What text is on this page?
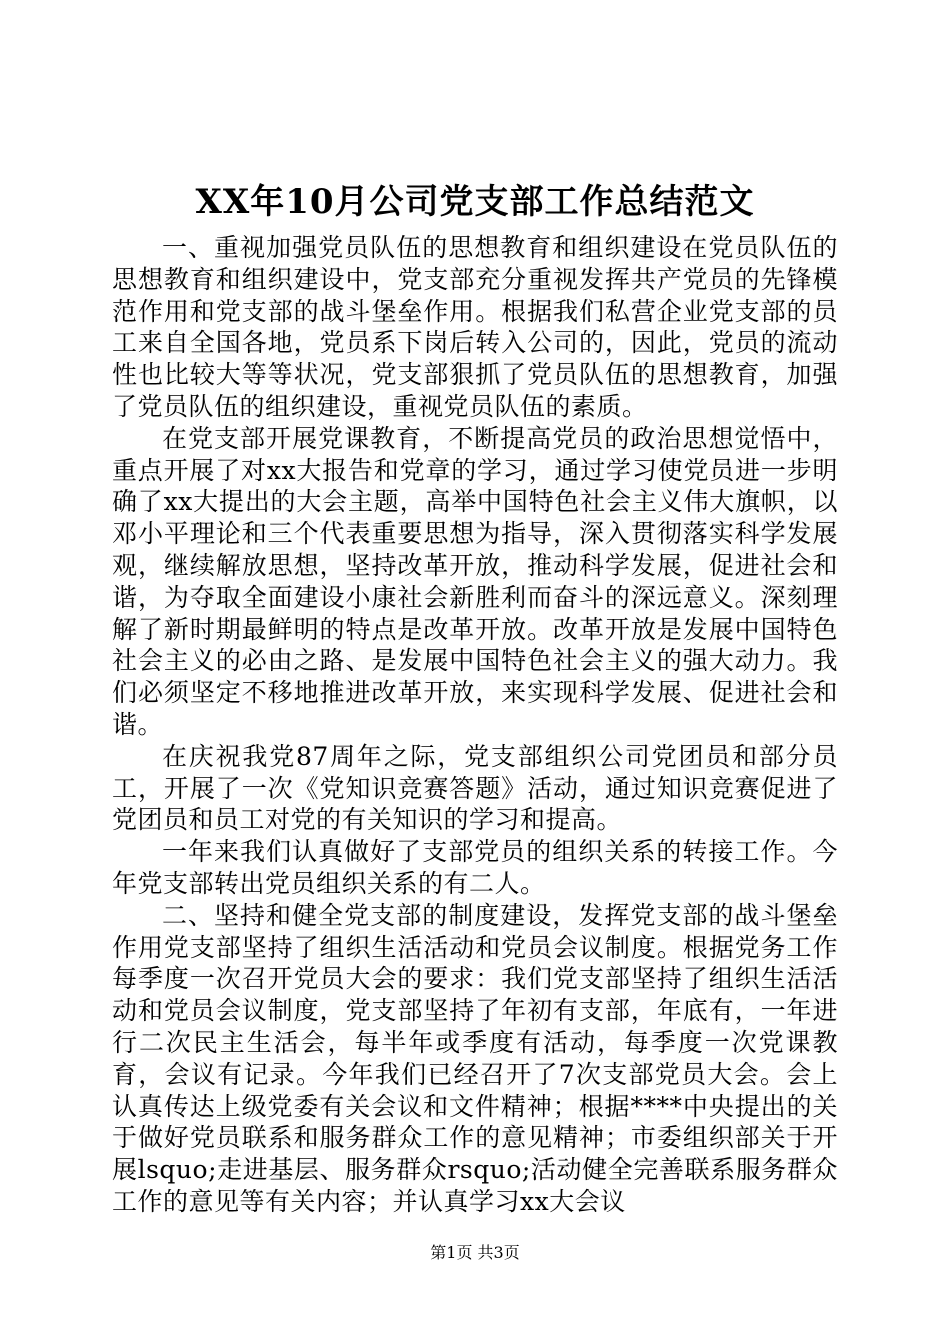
XX年10月公司党支部工作总结范文

一、重视加强党员队伍的思想教育和组织建设在党员队伍的思想教育和组织建设中，党支部充分重视发挥共产党员的先锋模范作用和党支部的战斗堡垒作用。根据我们私营企业党支部的员工来自全国各地，党员系下岗后转入公司的，因此，党员的流动性也比较大等等状况，党支部狠抓了党员队伍的思想教育，加强了党员队伍的组织建设，重视党员队伍的素质。

在党支部开展党课教育，不断提高党员的政治思想觉悟中，重点开展了对xx大报告和党章的学习，通过学习使党员进一步明确了xx大提出的大会主题，高举中国特色社会主义伟大旗帜，以邓小平理论和三个代表重要思想为指导，深入贯彻落实科学发展观，继续解放思想，坚持改革开放，推动科学发展，促进社会和谐，为夺取全面建设小康社会新胜利而奋斗的深远意义。深刻理解了新时期最鲜明的特点是改革开放。改革开放是发展中国特色社会主义的必由之路、是发展中国特色社会主义的强大动力。我们必须坚定不移地推进改革开放，来实现科学发展、促进社会和谐。

在庆祝我党87周年之际，党支部组织公司党团员和部分员工，开展了一次《党知识竞赛答题》活动，通过知识竞赛促进了党团员和员工对党的有关知识的学习和提高。

一年来我们认真做好了支部党员的组织关系的转接工作。今年党支部转出党员组织关系的有二人。

二、坚持和健全党支部的制度建设，发挥党支部的战斗堡垒作用党支部坚持了组织生活活动和党员会议制度。根据党务工作每季度一次召开党员大会的要求：我们党支部坚持了组织生活活动和党员会议制度，党支部坚持了年初有支部，年底有，一年进行二次民主生活会，每半年或季度有活动，每季度一次党课教育，会议有记录。今年我们已经召开了7次支部党员大会。会上认真传达上级党委有关会议和文件精神；根据****中央提出的关于做好党员联系和服务群众工作的意见精神；市委组织部关于开展lsquo;走进基层、服务群众rsquo;活动健全完善联系服务群众工作的意见等有关内容；并认真学习xx大会议

第1页 共3页
